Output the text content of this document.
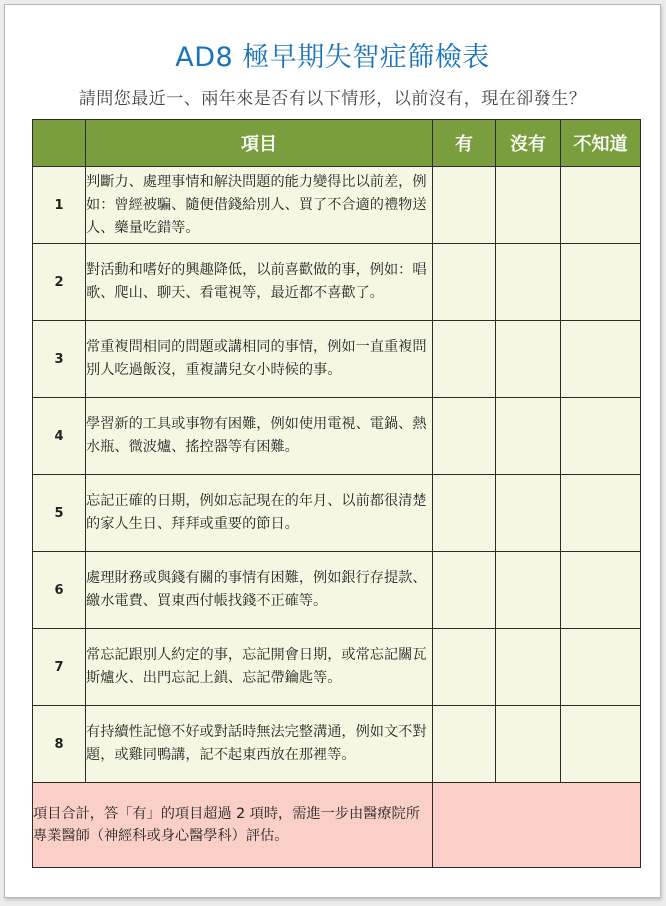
AD8 極早期失智症篩檢表
請問您最近一、兩年來是否有以下情形，以前沒有，現在卻發生？
	項目	有	沒有	不知道
1	判斷力、處理事情和解決問題的能力變得比以前差，例如：曾經被騙、隨便借錢給別人、買了不合適的禮物送人、藥量吃錯等。			
2	對活動和嗜好的興趣降低，以前喜歡做的事，例如：唱歌、爬山、聊天、看電視等，最近都不喜歡了。			
3	常重複問相同的問題或講相同的事情，例如一直重複問別人吃過飯沒，重複講兒女小時候的事。			
4	學習新的工具或事物有困難，例如使用電視、電鍋、熱水瓶、微波爐、搖控器等有困難。			
5	忘記正確的日期，例如忘記現在的年月、以前都很清楚的家人生日、拜拜或重要的節日。			
6	處理財務或與錢有關的事情有困難，例如銀行存提款、繳水電費、買東西付帳找錢不正確等。			
7	常忘記跟別人約定的事，忘記開會日期，或常忘記關瓦斯爐火、出門忘記上鎖、忘記帶鑰匙等。			
8	有持續性記憶不好或對話時無法完整溝通，例如文不對題，或雞同鴨講，記不起東西放在那裡等。			
項目合計，答「有」的項目超過 2 項時，需進一步由醫療院所專業醫師（神經科或身心醫學科）評估。				
